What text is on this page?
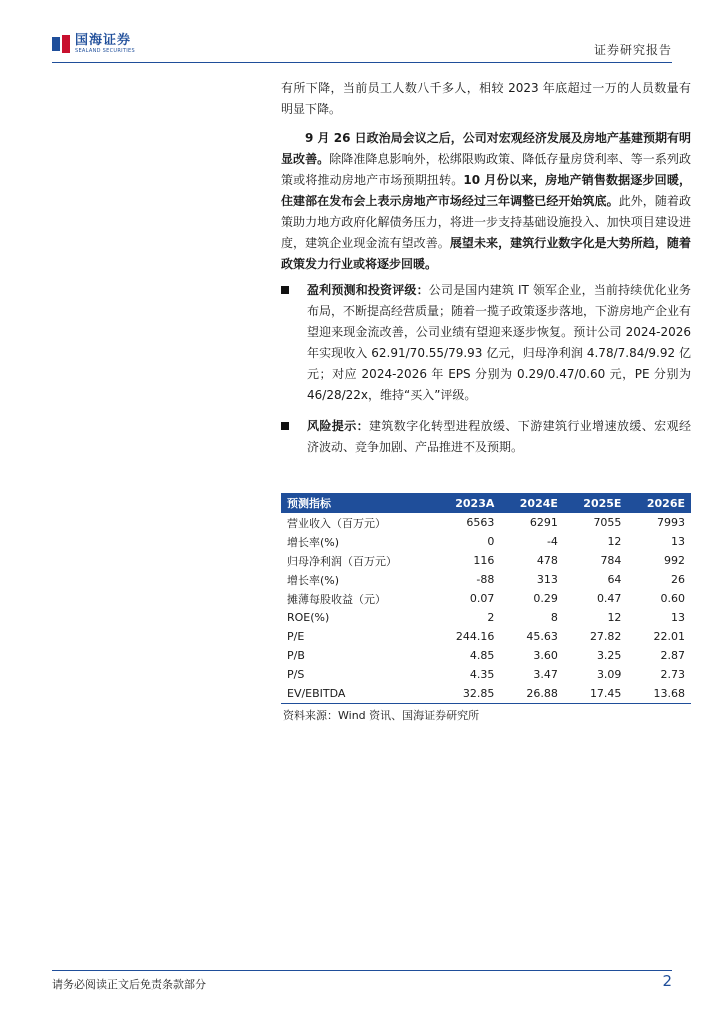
国海证券
SEALAND SECURITIES	证券研究报告
有所下降，当前员工人数八千多人，相较 2023 年底超过一万的人员数量有明显下降。
9 月 26 日政治局会议之后，公司对宏观经济发展及房地产基建预期有明显改善。除降准降息影响外，松绑限购政策、降低存量房贷利率、等一系列政策或将推动房地产市场预期扭转。10 月份以来，房地产销售数据逐步回暖，住建部在发布会上表示房地产市场经过三年调整已经开始筑底。此外，随着政策助力地方政府化解债务压力，将进一步支持基础设施投入、加快项目建设进度，建筑企业现金流有望改善。展望未来，建筑行业数字化是大势所趋，随着政策发力行业或将逐步回暖。
盈利预测和投资评级：公司是国内建筑 IT 领军企业，当前持续优化业务布局，不断提高经营质量；随着一揽子政策逐步落地，下游房地产企业有望迎来现金流改善，公司业绩有望迎来逐步恢复。预计公司 2024-2026 年实现收入 62.91/70.55/79.93 亿元，归母净利润 4.78/7.84/9.92 亿元；对应 2024-2026 年 EPS 分别为 0.29/0.47/0.60 元，PE 分别为 46/28/22x，维持“买入”评级。
风险提示：建筑数字化转型进程放缓、下游建筑行业增速放缓、宏观经济波动、竞争加剧、产品推进不及预期。
预测指标	2023A	2024E	2025E	2026E
营业收入（百万元）	6563	6291	7055	7993
增长率(%)	0	-4	12	13
归母净利润（百万元）	116	478	784	992
增长率(%)	-88	313	64	26
摊薄每股收益（元）	0.07	0.29	0.47	0.60
ROE(%)	2	8	12	13
P/E	244.16	45.63	27.82	22.01
P/B	4.85	3.60	3.25	2.87
P/S	4.35	3.47	3.09	2.73
EV/EBITDA	32.85	26.88	17.45	13.68
资料来源：Wind 资讯、国海证券研究所
请务必阅读正文后免责条款部分	2
